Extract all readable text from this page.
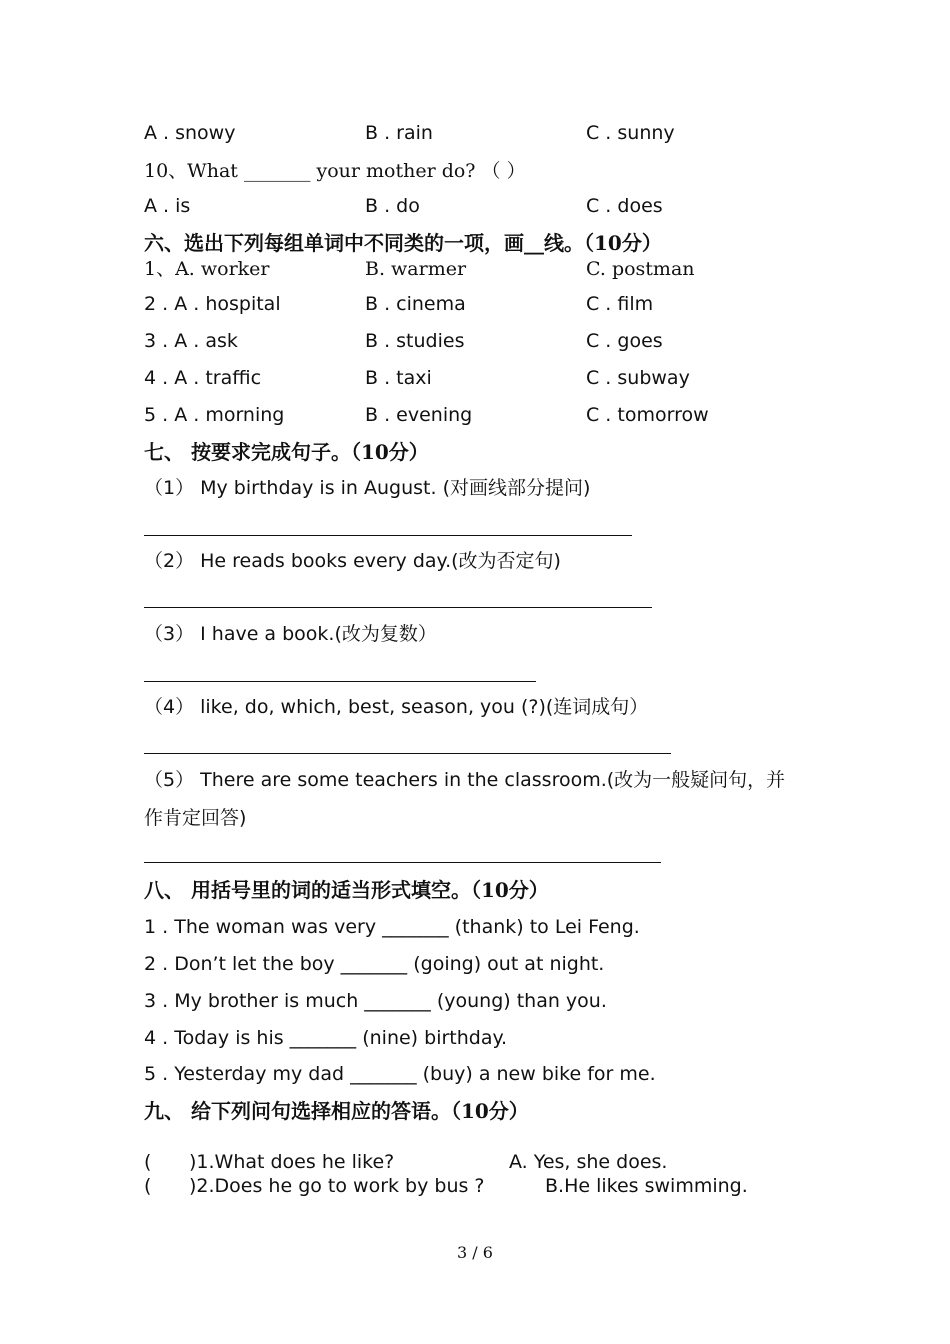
A . snowy	B . rain	C . sunny
10、What _______ your mother do? （ ）
A . is	B . do	C . does
六、选出下列每组单词中不同类的一项，画__线。（10分）
1、A. worker	B. warmer	C. postman
2 . A . hospital	B . cinema	C . film
3 . A . ask	B . studies	C . goes
4 . A . traffic	B . taxi	C . subway
5 . A . morning	B . evening	C . tomorrow
七、 按要求完成句子。（10分）
（1） My birthday is in August. (对画线部分提问)
（2） He reads books every day.(改为否定句)
（3） I have a book.(改为复数）
（4） like, do, which, best, season, you (?)(连词成句）
（5） There are some teachers in the classroom.(改为一般疑问句，并
作肯定回答)
八、 用括号里的词的适当形式填空。（10分）
1 . The woman was very _______ (thank) to Lei Feng.
2 . Don’t let the boy _______ (going) out at night.
3 . My brother is much _______ (young) than you.
4 . Today is his _______ (nine) birthday.
5 . Yesterday my dad _______ (buy) a new bike for me.
九、 给下列问句选择相应的答语。（10分）
( )1.What does he like?	A. Yes, she does.
( )2.Does he go to work by bus ?	B.He likes swimming.
3 / 6
